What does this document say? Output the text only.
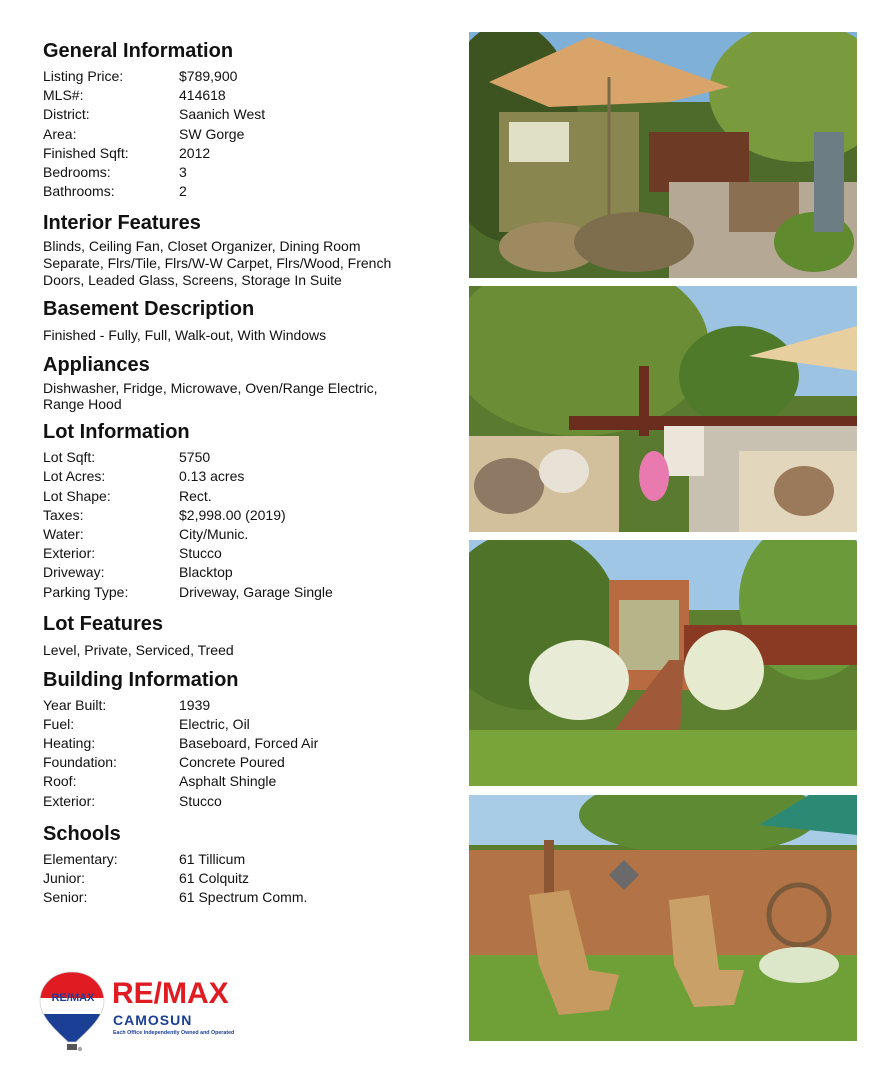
General Information
Listing Price:	$789,900
MLS#:	414618
District:	Saanich West
Area:	SW Gorge
Finished Sqft:	2012
Bedrooms:	3
Bathrooms:	2
Interior Features
Blinds, Ceiling Fan, Closet Organizer, Dining Room Separate, Flrs/Tile, Flrs/W-W Carpet, Flrs/Wood, French Doors, Leaded Glass, Screens, Storage In Suite
Basement Description
Finished - Fully, Full, Walk-out, With Windows
Appliances
Dishwasher, Fridge, Microwave, Oven/Range Electric, Range Hood
Lot Information
Lot Sqft:	5750
Lot Acres:	0.13 acres
Lot Shape:	Rect.
Taxes:	$2,998.00 (2019)
Water:	City/Munic.
Exterior:	Stucco
Driveway:	Blacktop
Parking Type:	Driveway, Garage Single
Lot Features
Level, Private, Serviced, Treed
Building Information
Year Built:	1939
Fuel:	Electric, Oil
Heating:	Baseboard, Forced Air
Foundation:	Concrete Poured
Roof:	Asphalt Shingle
Exterior:	Stucco
Schools
Elementary:	61 Tillicum
Junior:	61 Colquitz
Senior:	61 Spectrum Comm.
RE/MAX RE/MAX
CAMOSUN
Each Office Independently Owned and Operated
